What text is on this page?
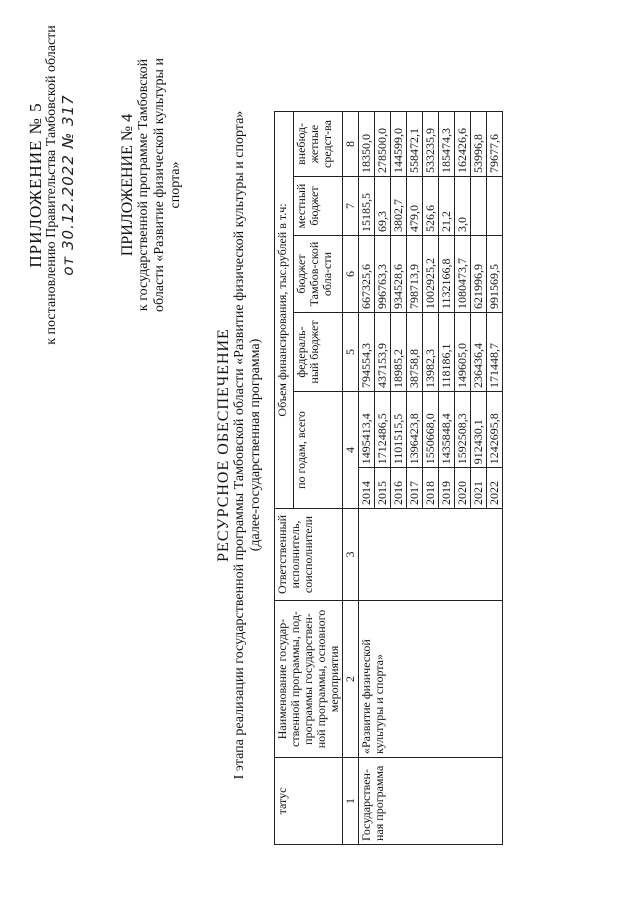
ПРИЛОЖЕНИЕ № 5 к постановлению Правительства Тамбовской области от 30.12.2022 № 317	ПРИЛОЖЕНИЕ № 4 к государственной программе Тамбовской области «Развитие физической культуры и спорта»
РЕСУРСНОЕ ОБЕСПЕЧЕНИЕ I этапа реализации государственной программы Тамбовской области «Развитие физической культуры и спорта» (далее-государственная программа)
татус	Наименование государ-ственной программы, под-программы государствен-ной программы, основного мероприятия	Ответственный исполнитель, соисполнители	Объем финансирования, тыс.рублей в т.ч:					
			по годам, всего		федераль-ный бюджет	бюджет Тамбов-ской обла-сти	местный бюджет	внебюд-жетные средст-ва
1	2	3	4		5	6	7	8
Государствен-ная программа	«Развитие физической культуры и спорта»		2014	1495413,4	794554,3	667325,6	15185,5	18350,0
			2015	1712486,5	437153,9	996763,3	69,3	278500,0
			2016	1101515,5	18985,2	934528,6	3802,7	144599,0
			2017	1396423,8	38758,8	798713,9	479,0	558472,1
			2018	1550668,0	13982,3	1002925,2	526,6	533235,9
			2019	1435848,4	118186,1	1132166,8	21,2	185474,3
			2020	1592508,3	149605,0	1080473,7	3,0	162426,6
			2021	912430,1	236436,4	621996,9		53996,8
			2022	1242695,8	171448,7	991569,5		79677,6
